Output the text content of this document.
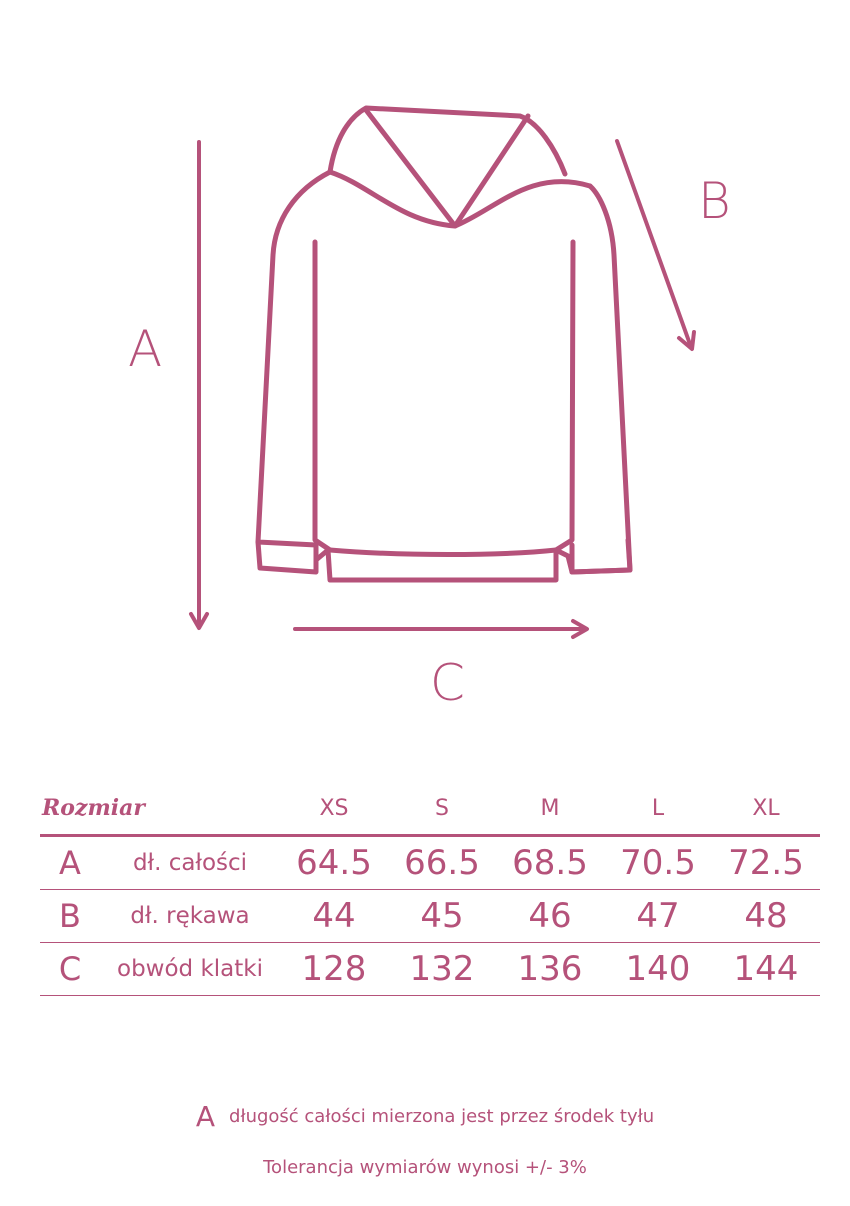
A
B
C
Rozmiar		XS	S	M	L	XL
A	dł. całości	64.5	66.5	68.5	70.5	72.5
B	dł. rękawa	44	45	46	47	48
C	obwód klatki	128	132	136	140	144
Adługość całości mierzona jest przez środek tyłu
Tolerancja wymiarów wynosi +/- 3%
